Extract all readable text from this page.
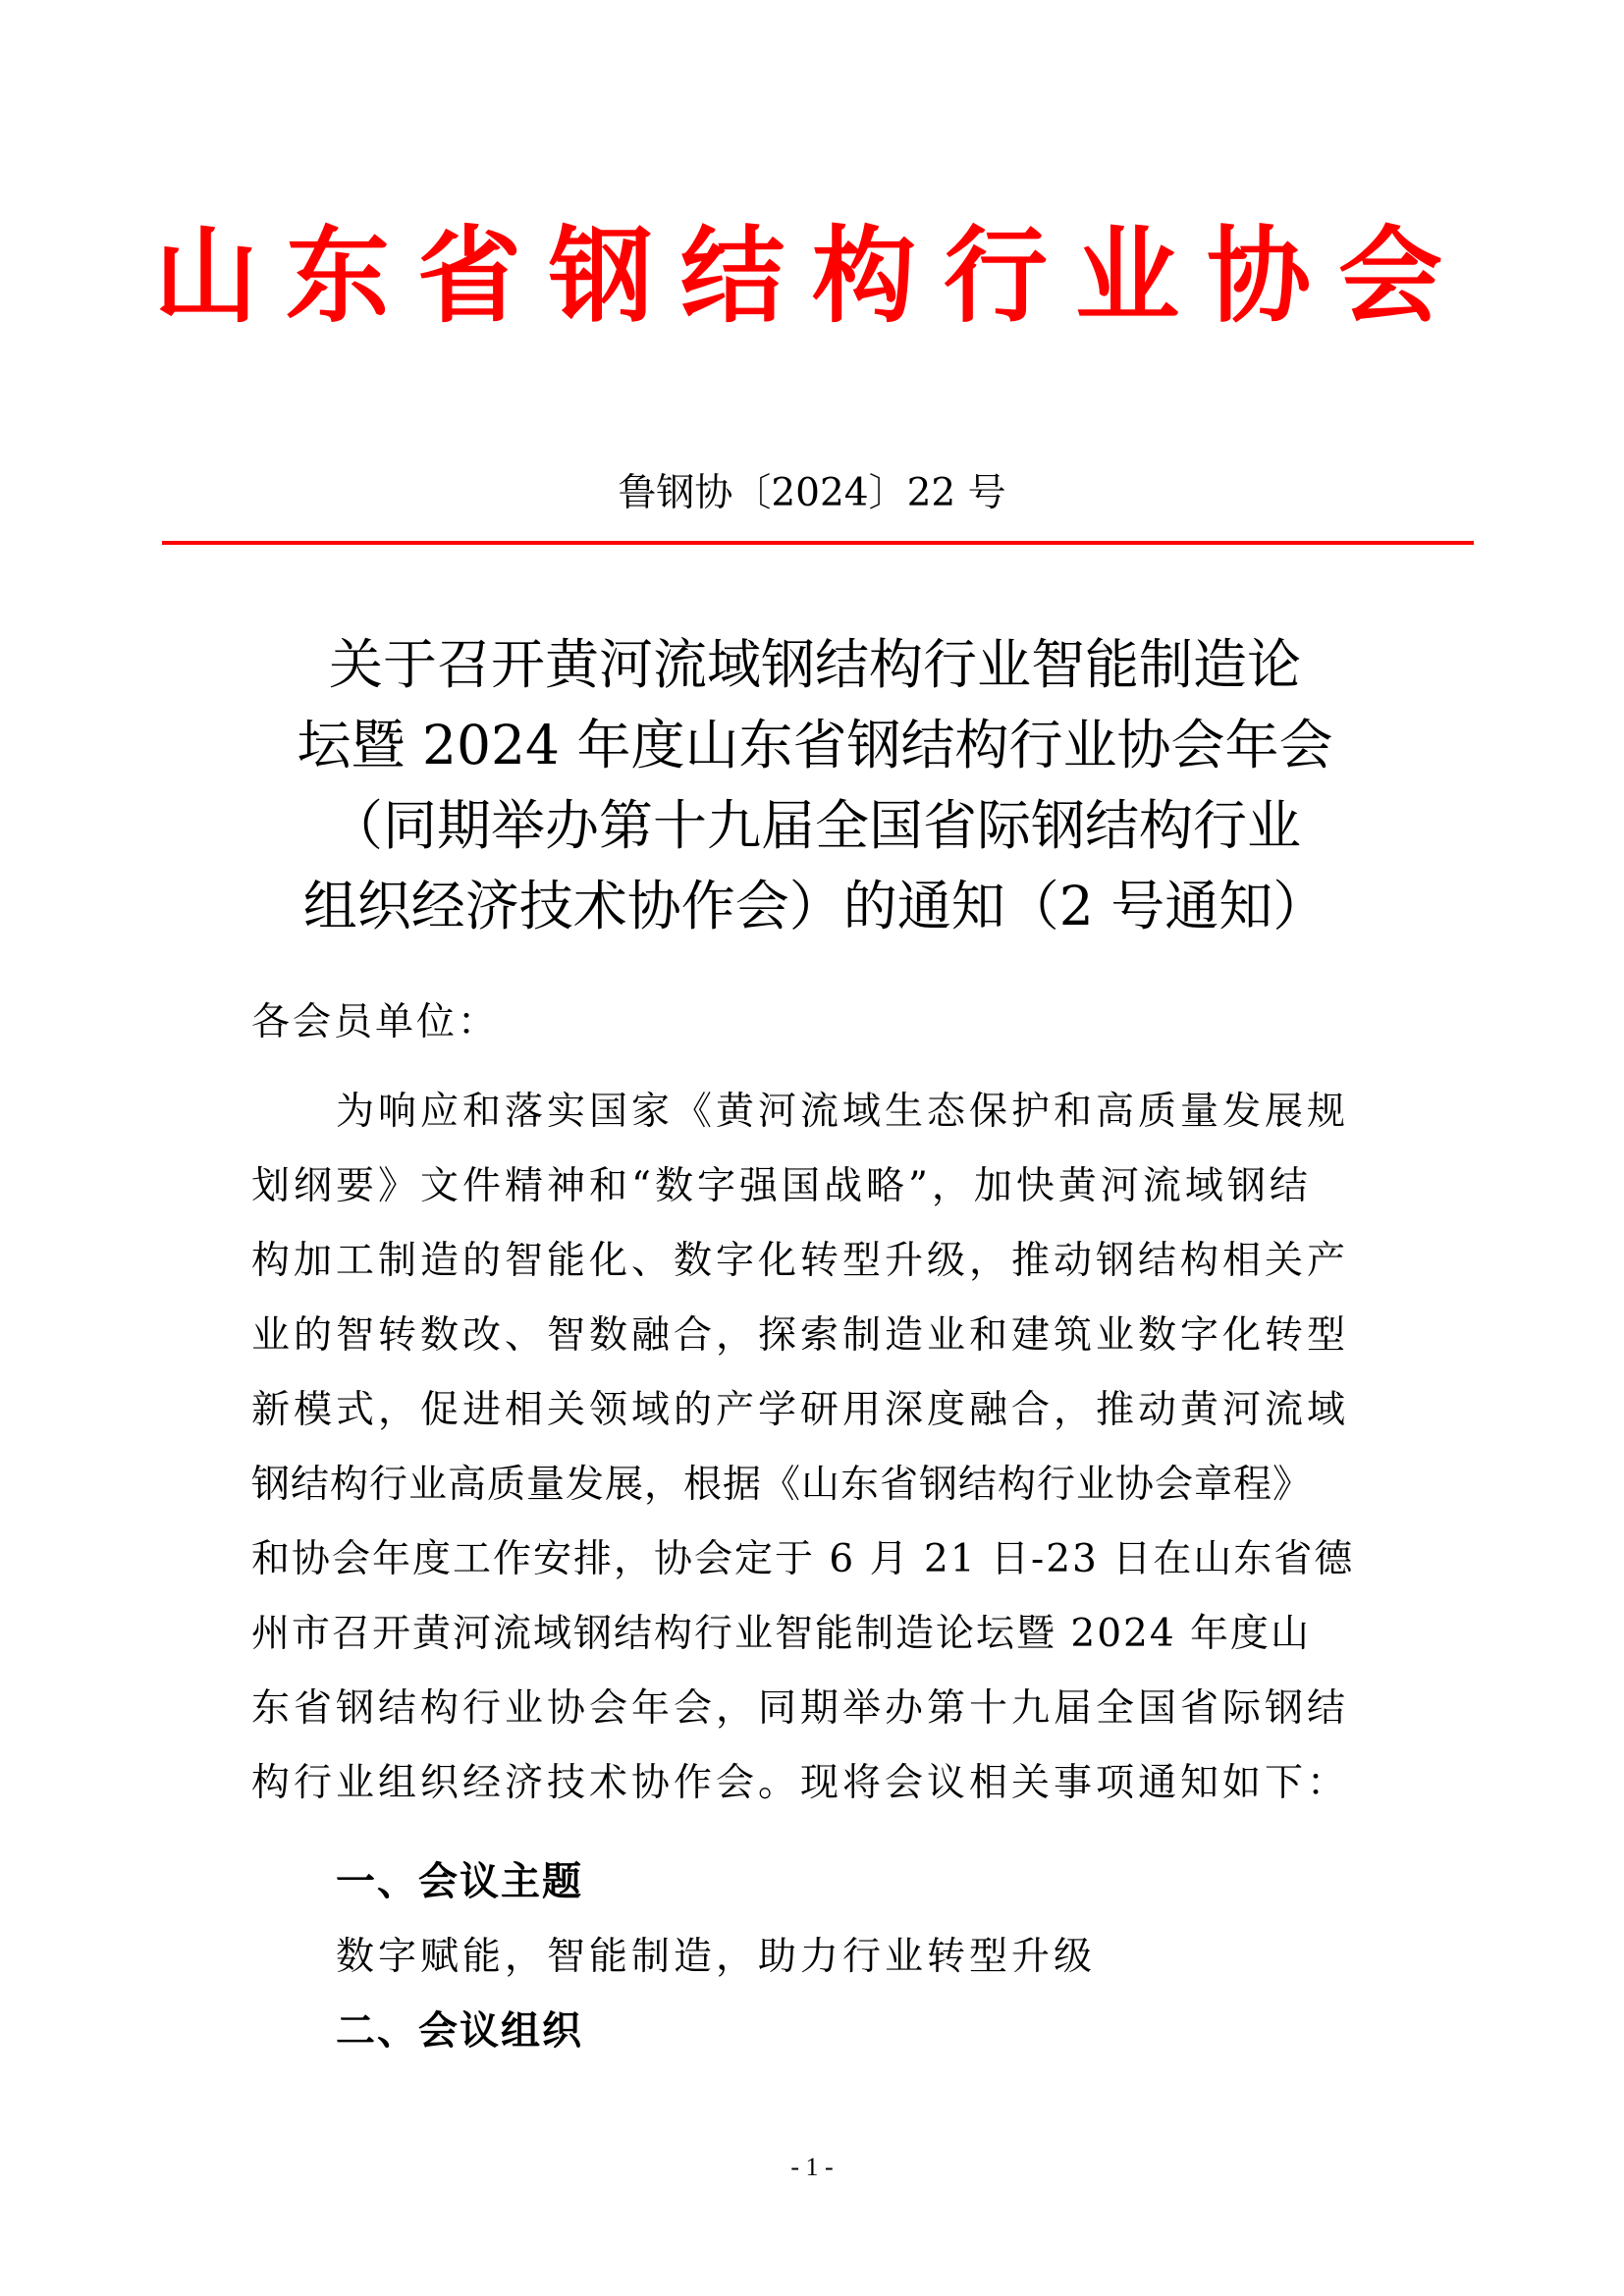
山东省钢结构行业协会
鲁钢协〔2024〕22 号
关于召开黄河流域钢结构行业智能制造论
坛暨 2024 年度山东省钢结构行业协会年会
（同期举办第十九届全国省际钢结构行业
组织经济技术协作会）的通知（2 号通知）
各会员单位：
为响应和落实国家《黄河流域生态保护和高质量发展规
划纲要》文件精神和“数字强国战略”，加快黄河流域钢结
构加工制造的智能化、数字化转型升级，推动钢结构相关产
业的智转数改、智数融合，探索制造业和建筑业数字化转型
新模式，促进相关领域的产学研用深度融合，推动黄河流域
钢结构行业高质量发展，根据《山东省钢结构行业协会章程》
和协会年度工作安排，协会定于 6 月 21 日-23 日在山东省德
州市召开黄河流域钢结构行业智能制造论坛暨 2024 年度山
东省钢结构行业协会年会，同期举办第十九届全国省际钢结
构行业组织经济技术协作会。现将会议相关事项通知如下：
一、会议主题
数字赋能，智能制造，助力行业转型升级
二、会议组织
- 1 -
